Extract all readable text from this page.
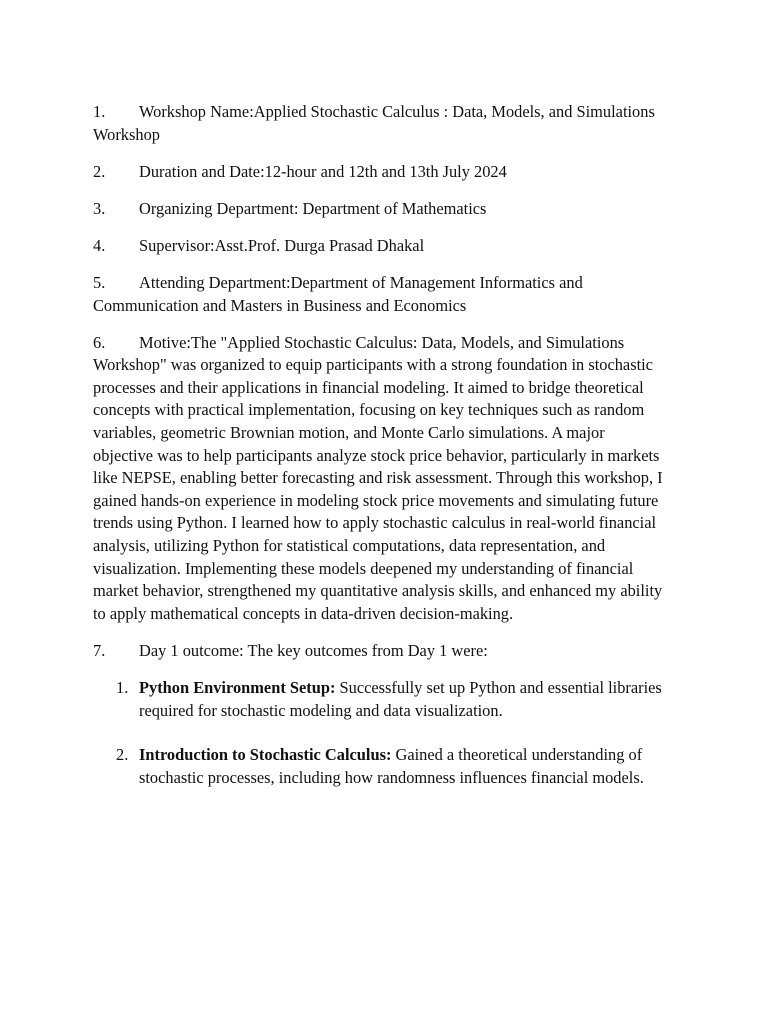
1. Workshop Name:Applied Stochastic Calculus : Data, Models, and Simulations Workshop

2. Duration and Date:12-hour and 12th and 13th July 2024

3. Organizing Department: Department of Mathematics

4. Supervisor:Asst.Prof. Durga Prasad Dhakal

5. Attending Department:Department of Management Informatics and Communication and Masters in Business and Economics

6. Motive:The "Applied Stochastic Calculus: Data, Models, and Simulations Workshop" was organized to equip participants with a strong foundation in stochastic processes and their applications in financial modeling. It aimed to bridge theoretical concepts with practical implementation, focusing on key techniques such as random variables, geometric Brownian motion, and Monte Carlo simulations. A major objective was to help participants analyze stock price behavior, particularly in markets like NEPSE, enabling better forecasting and risk assessment. Through this workshop, I gained hands-on experience in modeling stock price movements and simulating future trends using Python. I learned how to apply stochastic calculus in real-world financial analysis, utilizing Python for statistical computations, data representation, and visualization. Implementing these models deepened my understanding of financial market behavior, strengthened my quantitative analysis skills, and enhanced my ability to apply mathematical concepts in data-driven decision-making.

7. Day 1 outcome: The key outcomes from Day 1 were:

1. Python Environment Setup: Successfully set up Python and essential libraries required for stochastic modeling and data visualization.

2. Introduction to Stochastic Calculus: Gained a theoretical understanding of stochastic processes, including how randomness influences financial models.
